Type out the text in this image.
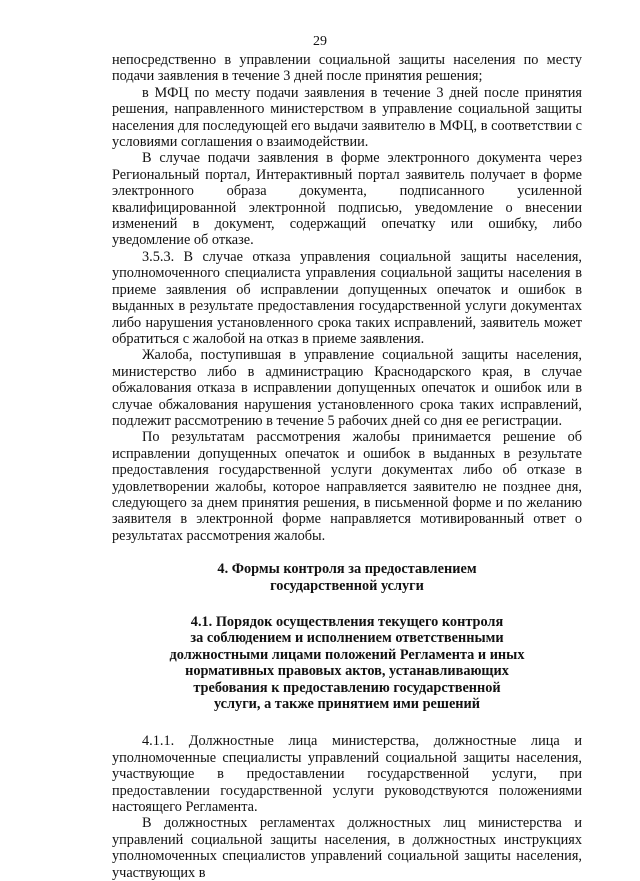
29

непосредственно в управлении социальной защиты населения по месту подачи заявления в течение 3 дней после принятия решения;

в МФЦ по месту подачи заявления в течение 3 дней после принятия решения, направленного министерством в управление социальной защиты населения для последующей его выдачи заявителю в МФЦ, в соответствии с условиями соглашения о взаимодействии.

В случае подачи заявления в форме электронного документа через Региональный портал, Интерактивный портал заявитель получает в форме электронного образа документа, подписанного усиленной квалифицированной электронной подписью, уведомление о внесении изменений в документ, содержащий опечатку или ошибку, либо уведомление об отказе.

3.5.3. В случае отказа управления социальной защиты населения, уполномоченного специалиста управления социальной защиты населения в приеме заявления об исправлении допущенных опечаток и ошибок в выданных в результате предоставления государственной услуги документах либо нарушения установленного срока таких исправлений, заявитель может обратиться с жалобой на отказ в приеме заявления.

Жалоба, поступившая в управление социальной защиты населения, министерство либо в администрацию Краснодарского края, в случае обжалования отказа в исправлении допущенных опечаток и ошибок или в случае обжалования нарушения установленного срока таких исправлений, подлежит рассмотрению в течение 5 рабочих дней со дня ее регистрации.

По результатам рассмотрения жалобы принимается решение об исправлении допущенных опечаток и ошибок в выданных в результате предоставления государственной услуги документах либо об отказе в удовлетворении жалобы, которое направляется заявителю не позднее дня, следующего за днем принятия решения, в письменной форме и по желанию заявителя в электронной форме направляется мотивированный ответ о результатах рассмотрения жалобы.

4. Формы контроля за предоставлением
государственной услуги
4.1. Порядок осуществления текущего контроля
за соблюдением и исполнением ответственными
должностными лицами положений Регламента и иных
нормативных правовых актов, устанавливающих
требования к предоставлению государственной
услуги, а также принятием ими решений

4.1.1. Должностные лица министерства, должностные лица и уполномоченные специалисты управлений социальной защиты населения, участвующие в предоставлении государственной услуги, при предоставлении государственной услуги руководствуются положениями настоящего Регламента.

В должностных регламентах должностных лиц министерства и управлений социальной защиты населения, в должностных инструкциях уполномоченных специалистов управлений социальной защиты населения, участвующих в
